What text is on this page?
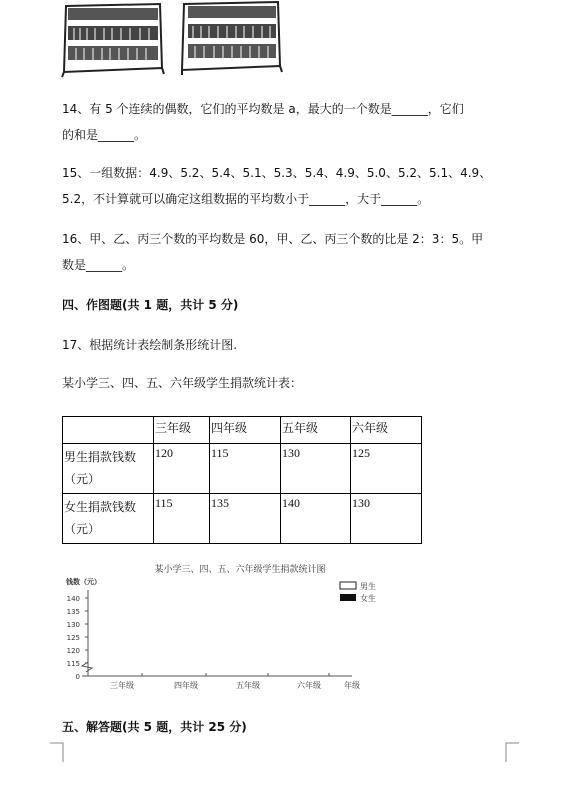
14、有 5 个连续的偶数，它们的平均数是 a，最大的一个数是______，它们
的和是______。
15、一组数据：4.9、5.2、5.4、5.1、5.3、5.4、4.9、5.0、5.2、5.1、4.9、
5.2，不计算就可以确定这组数据的平均数小于______，大于______。
16、甲、乙、丙三个数的平均数是 60，甲、乙、丙三个数的比是 2：3：5。甲
数是______。
四、作图题(共 1 题，共计 5 分)
17、根据统计表绘制条形统计图.
某小学三、四、五、六年级学生捐款统计表：
	三年级	四年级	五年级	六年级

男生捐款钱数
（元）	120	115	130	125

女生捐款钱数
（元）	115	135	140	130
某小学三、四、五、六年级学生捐款统计图
钱数（元）	男生
女生
140
135
130
125
120
115
0
三年级	四年级	五年级	六年级	年级
五、解答题(共 5 题，共计 25 分)
